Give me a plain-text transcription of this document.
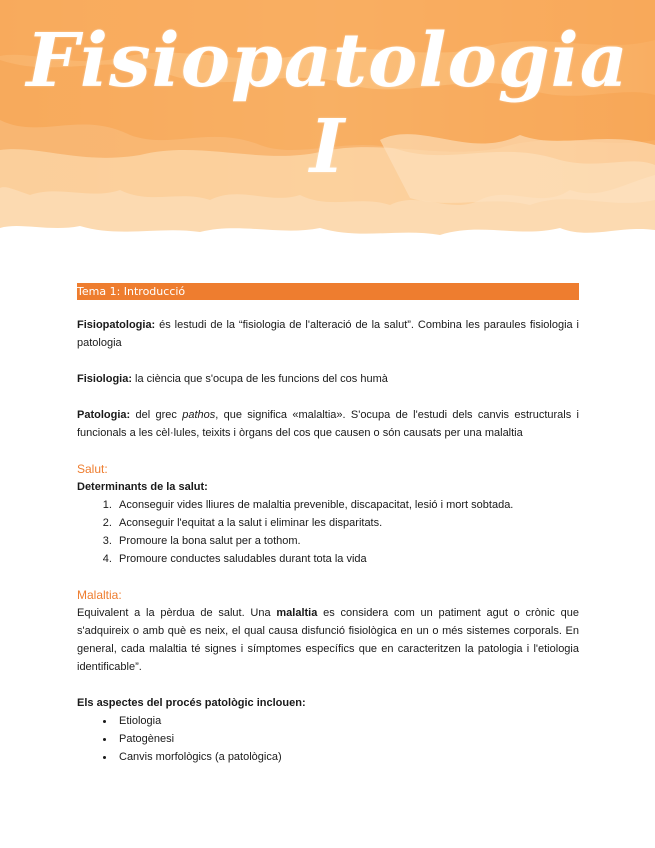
Fisiopatologia I
Tema 1: Introducció

Fisiopatologia: és lestudi de la “fisiologia de l'alteració de la salut”. Combina les paraules fisiologia i patologia

Fisiologia: la ciència que s'ocupa de les funcions del cos humà

Patologia: del grec pathos, que significa «malaltia». S'ocupa de l'estudi dels canvis estructurals i funcionals a les cèl·lules, teixits i òrgans del cos que causen o són causats per una malaltia

Salut:
Determinants de la salut:
1. Aconseguir vides lliures de malaltia prevenible, discapacitat, lesió i mort sobtada.
2. Aconseguir l'equitat a la salut i eliminar les disparitats.
3. Promoure la bona salut per a tothom.
4. Promoure conductes saludables durant tota la vida
Malaltia:

Equivalent a la pèrdua de salut. Una malaltia es considera com un patiment agut o crònic que s'adquireix o amb què es neix, el qual causa disfunció fisiològica en un o més sistemes corporals. En general, cada malaltia té signes i símptomes específics que en caracteritzen la patologia i l'etiologia identificable”.

Els aspectes del procés patològic inclouen:
• Etiologia
• Patogènesi
• Canvis morfològics (a patològica)
